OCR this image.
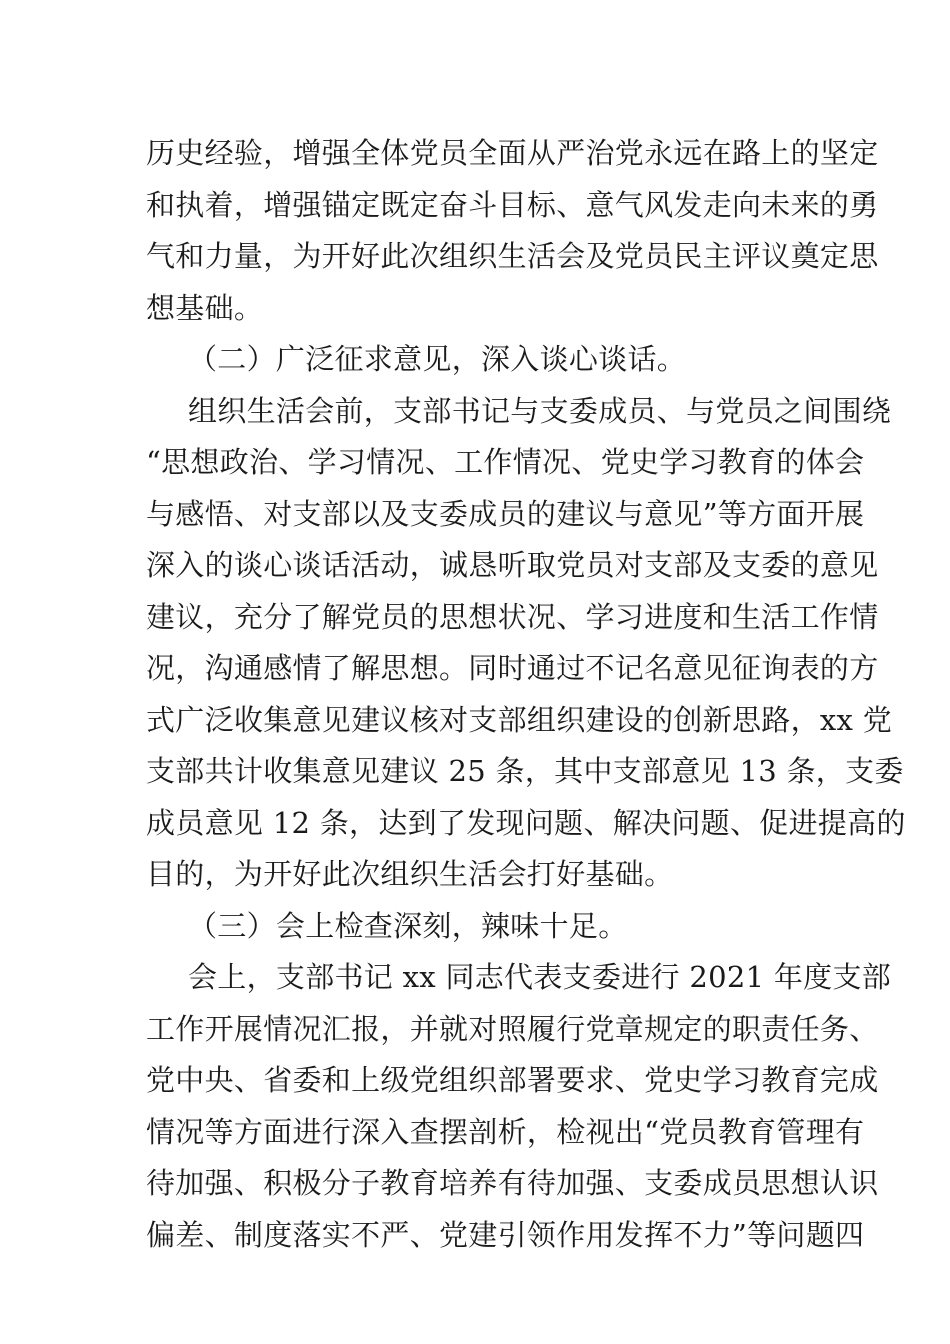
历史经验，增强全体党员全面从严治党永远在路上的坚定
和执着，增强锚定既定奋斗目标、意气风发走向未来的勇
气和力量，为开好此次组织生活会及党员民主评议奠定思
想基础。
（二）广泛征求意见，深入谈心谈话。
组织生活会前，支部书记与支委成员、与党员之间围绕
“思想政治、学习情况、工作情况、党史学习教育的体会
与感悟、对支部以及支委成员的建议与意见”等方面开展
深入的谈心谈话活动，诚恳听取党员对支部及支委的意见
建议，充分了解党员的思想状况、学习进度和生活工作情
况，沟通感情了解思想。同时通过不记名意见征询表的方
式广泛收集意见建议核对支部组织建设的创新思路，xx 党
支部共计收集意见建议 25 条，其中支部意见 13 条，支委
成员意见 12 条，达到了发现问题、解决问题、促进提高的
目的，为开好此次组织生活会打好基础。
（三）会上检查深刻，辣味十足。
会上，支部书记 xx 同志代表支委进行 2021 年度支部
工作开展情况汇报，并就对照履行党章规定的职责任务、
党中央、省委和上级党组织部署要求、党史学习教育完成
情况等方面进行深入查摆剖析，检视出“党员教育管理有
待加强、积极分子教育培养有待加强、支委成员思想认识
偏差、制度落实不严、党建引领作用发挥不力”等问题四
